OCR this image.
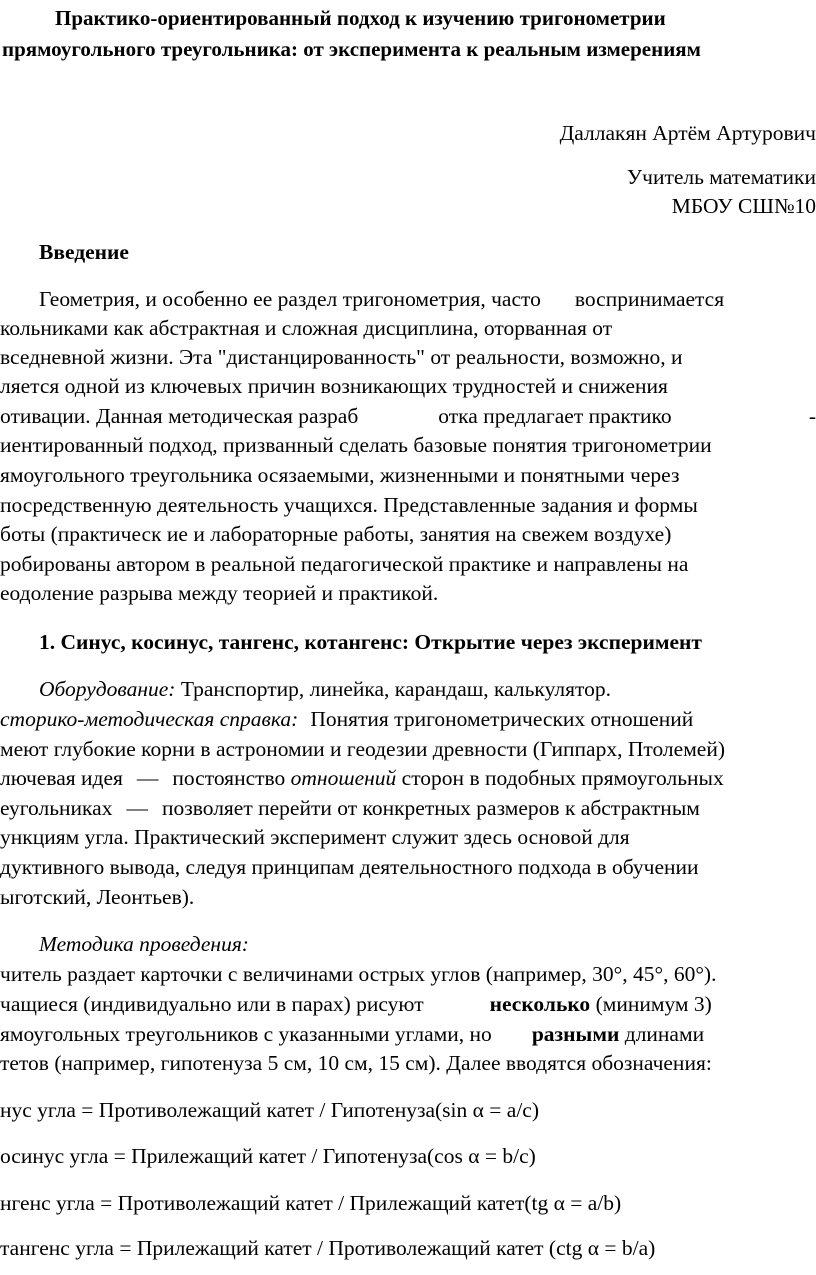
Практико-ориентированный подход к изучению тригонометрии
прямоугольного треугольника: от эксперимента к реальным измерениям
Даллакян Артём Артурович
Учитель математики
МБОУ СШ№10
Введение
Геометрия, и особенно ее раздел тригонометрия, часто воспринимается
кольниками как абстрактная и сложная дисциплина, оторванная от
вседневной жизни. Эта "дистанцированность" от реальности, возможно, и
ляется одной из ключевых причин возникающих трудностей и снижения
отивации. Данная методическая разраб	отка предлагает практико	-
иентированный подход, призванный сделать базовые понятия тригонометрии
ямоугольного треугольника осязаемыми, жизненными и понятными через
посредственную деятельность учащихся. Представленные задания и формы
боты (практическ ие и лабораторные работы, занятия на свежем воздухе)
робированы автором в реальной педагогической практике и направлены на
еодоление разрыва между теорией и практикой.
1. Синус, косинус, тангенс, котангенс: Открытие через эксперимент
Оборудование: Транспортир, линейка, карандаш, калькулятор.
сторико-методическая справка: Понятия тригонометрических отношений
меют глубокие корни в астрономии и геодезии древности (Гиппарх, Птолемей)
лючевая идея — постоянство отношений сторон в подобных прямоугольных
еугольниках — позволяет перейти от конкретных размеров к абстрактным
ункциям угла. Практический эксперимент служит здесь основой для
дуктивного вывода, следуя принципам деятельностного подхода в обучении
ыготский, Леонтьев).
Методика проведения:
читель раздает карточки с величинами острых углов (например, 30°, 45°, 60°).
чащиеся (индивидуально или в парах) рисуют	несколько (минимум 3)
ямоугольных треугольников с указанными углами, но разными длинами
тетов (например, гипотенуза 5 см, 10 см, 15 см). Далее вводятся обозначения:
нус угла = Противолежащий катет / Гипотенуза(sin α = a/c)
осинус угла = Прилежащий катет / Гипотенуза(cos α = b/c)
нгенс угла = Противолежащий катет / Прилежащий катет(tg α = a/b)
тангенс угла = Прилежащий катет / Противолежащий катет (ctg α = b/a)
